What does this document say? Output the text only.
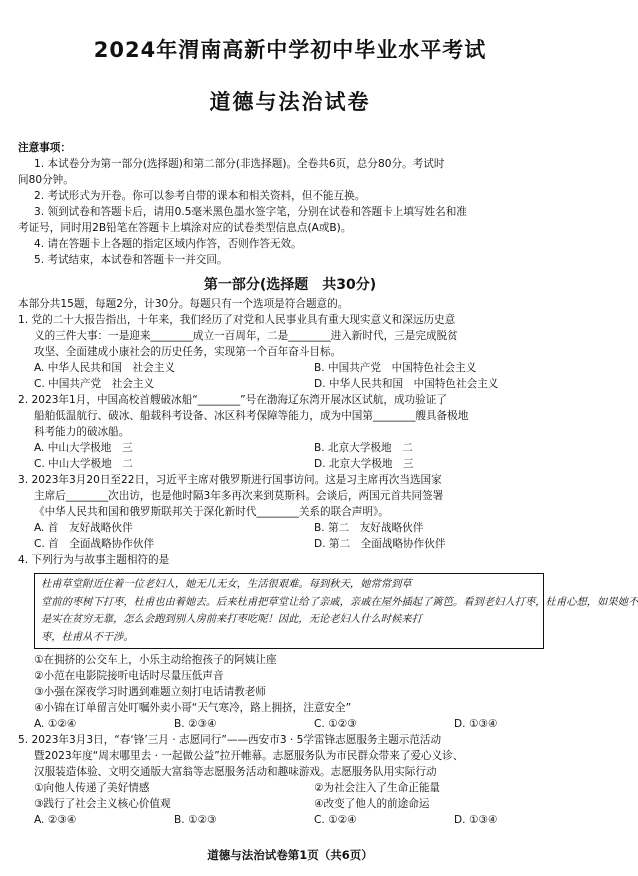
2024年渭南高新中学初中毕业水平考试
道德与法治试卷
注意事项：
1. 本试卷分为第一部分(选择题)和第二部分(非选择题)。全卷共6页，总分80分。考试时
间80分钟。
2. 考试形式为开卷。你可以参考自带的课本和相关资料，但不能互换。
3. 领到试卷和答题卡后，请用0.5毫米黑色墨水签字笔，分别在试卷和答题卡上填写姓名和准
考证号，同时用2B铅笔在答题卡上填涂对应的试卷类型信息点(A或B)。
4. 请在答题卡上各题的指定区域内作答，否则作答无效。
5. 考试结束，本试卷和答题卡一并交回。
第一部分(选择题　共30分)
本部分共15题，每题2分，计30分。每题只有一个选项是符合题意的。
1. 党的二十大报告指出，十年来，我们经历了对党和人民事业具有重大现实意义和深远历史意
义的三件大事：一是迎来________成立一百周年，二是________进入新时代，三是完成脱贫
攻坚、全面建成小康社会的历史任务，实现第一个百年奋斗目标。
A. 中华人民共和国　社会主义	B. 中国共产党　中国特色社会主义
C. 中国共产党　社会主义	D. 中华人民共和国　中国特色社会主义
2. 2023年1月，中国高校首艘破冰船“________”号在渤海辽东湾开展冰区试航，成功验证了
船舶低温航行、破冰、船载科考设备、冰区科考保障等能力，成为中国第________艘具备极地
科考能力的破冰船。
A. 中山大学极地　三	B. 北京大学极地　二
C. 中山大学极地　二	D. 北京大学极地　三
3. 2023年3月20日至22日，习近平主席对俄罗斯进行国事访问。这是习主席再次当选国家
主席后________次出访，也是他时隔3年多再次来到莫斯科。会谈后，两国元首共同签署
《中华人民共和国和俄罗斯联邦关于深化新时代________关系的联合声明》。
A. 首　友好战略伙伴	B. 第二　友好战略伙伴
C. 首　全面战略协作伙伴	D. 第二　全面战略协作伙伴
4. 下列行为与故事主题相符的是
杜甫草堂附近住着一位老妇人，她无儿无女，生活很艰难。每到秋天，她常常到草
堂前的枣树下打枣，杜甫也由着她去。后来杜甫把草堂让给了亲戚，亲戚在屋外插起了篱笆。看到老妇人打枣，杜甫心想，如果她不
是实在贫穷无靠，怎么会跑到别人房前来打枣吃呢！因此，无论老妇人什么时候来打
枣，杜甫从不干涉。
①在拥挤的公交车上，小乐主动给抱孩子的阿姨让座
②小范在电影院接听电话时尽量压低声音
③小强在深夜学习时遇到难题立刻打电话请教老师
④小锦在订单留言处叮嘱外卖小哥“天气寒冷，路上拥挤，注意安全”
A. ①②④	B. ②③④	C. ①②③	D. ①③④
5. 2023年3月3日，“春‘锋’三月 · 志愿同行”——西安市3 · 5学雷锋志愿服务主题示范活动
暨2023年度“周末哪里去 · 一起做公益”拉开帷幕。志愿服务队为市民群众带来了爱心义诊、
汉服装造体验、文明交通版大富翁等志愿服务活动和趣味游戏。志愿服务队用实际行动
①向他人传递了美好情感	②为社会注入了生命正能量
③践行了社会主义核心价值观	④改变了他人的前途命运
A. ②③④	B. ①②③	C. ①②④	D. ①③④
道德与法治试卷第1页（共6页）
